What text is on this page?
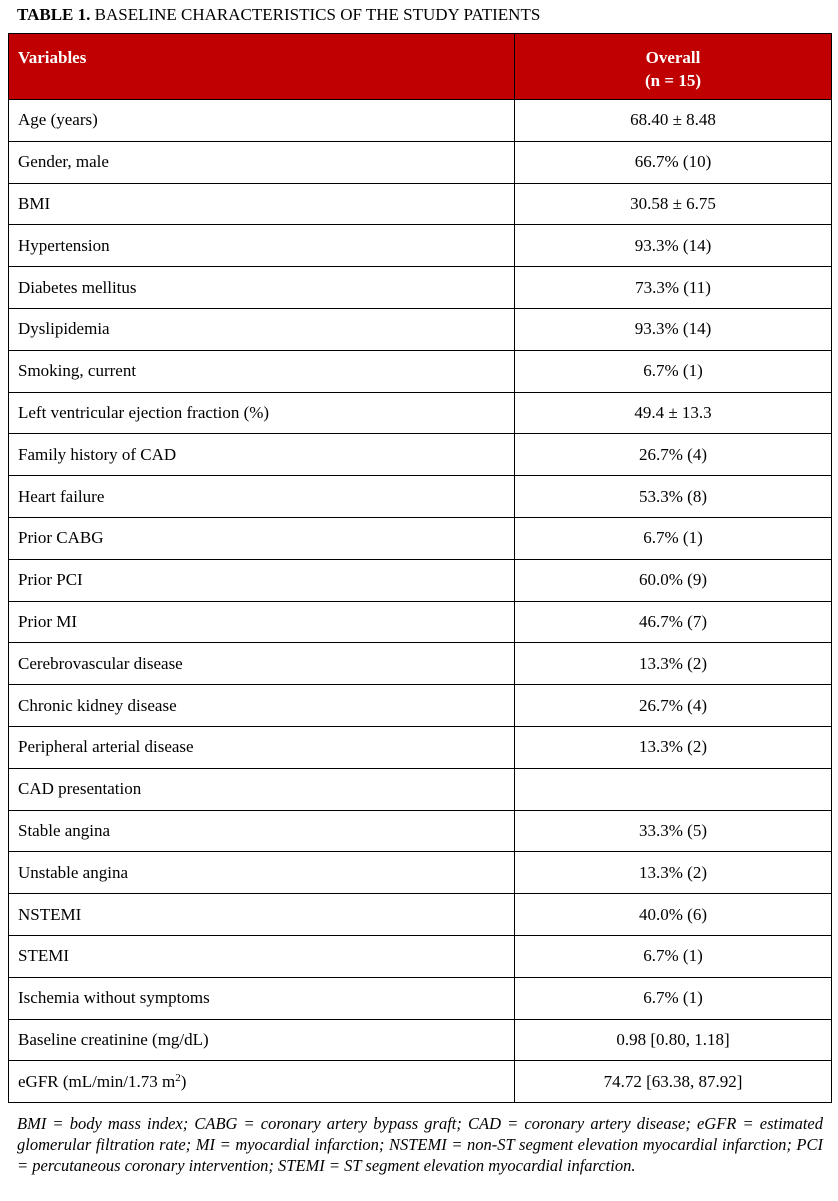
TABLE 1. BASELINE CHARACTERISTICS OF THE STUDY PATIENTS
Variables	Overall
(n = 15)

Age (years)	68.40 ± 8.48
Gender, male	66.7% (10)
BMI	30.58 ± 6.75
Hypertension	93.3% (14)
Diabetes mellitus	73.3% (11)
Dyslipidemia	93.3% (14)
Smoking, current	6.7% (1)
Left ventricular ejection fraction (%)	49.4 ± 13.3
Family history of CAD	26.7% (4)
Heart failure	53.3% (8)
Prior CABG	6.7% (1)
Prior PCI	60.0% (9)
Prior MI	46.7% (7)
Cerebrovascular disease	13.3% (2)
Chronic kidney disease	26.7% (4)
Peripheral arterial disease	13.3% (2)
CAD presentation	
Stable angina	33.3% (5)
Unstable angina	13.3% (2)
NSTEMI	40.0% (6)
STEMI	6.7% (1)
Ischemia without symptoms	6.7% (1)
Baseline creatinine (mg/dL)	0.98 [0.80, 1.18]
eGFR (mL/min/1.73 $m^2$)	74.72 [63.38, 87.92]
BMI = body mass index; CABG = coronary artery bypass graft; CAD = coronary artery disease; eGFR = estimated glomerular filtration rate; MI = myocardial infarction; NSTEMI = non-ST segment elevation myocardial infarction; PCI = percutaneous coronary intervention; STEMI = ST segment elevation myocardial infarction.
